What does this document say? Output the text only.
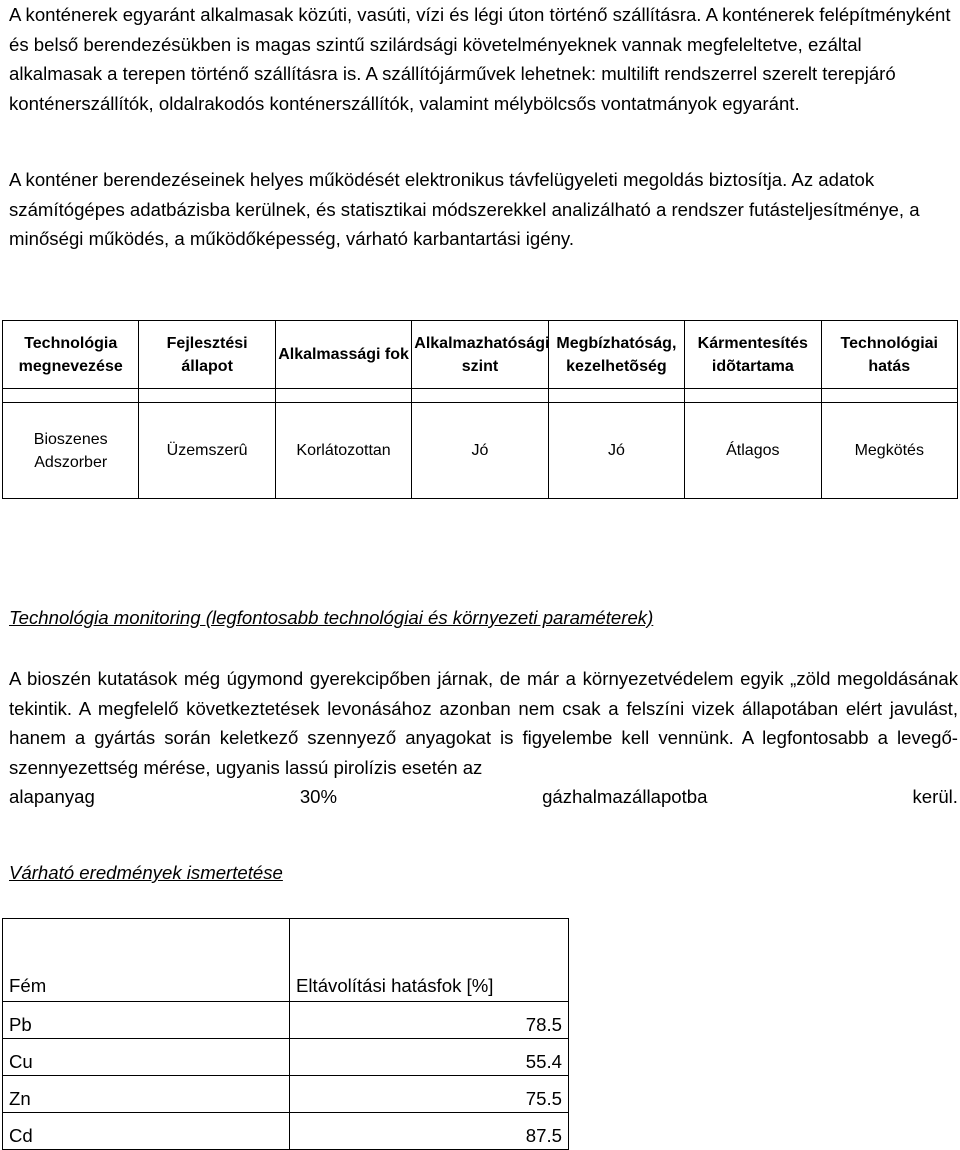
A konténerek egyaránt alkalmasak közúti, vasúti, vízi és légi úton történő szállításra. A konténerek felépítményként és belső berendezésükben is magas szintű szilárdsági követelményeknek vannak megfeleltetve, ezáltal alkalmasak a terepen történő szállításra is. A szállítójárművek lehetnek: multilift rendszerrel szerelt terepjáró konténerszállítók, oldalrakodós konténerszállítók, valamint mélybölcsős vontatmányok egyaránt.

A konténer berendezéseinek helyes működését elektronikus távfelügyeleti megoldás biztosítja. Az adatok számítógépes adatbázisba kerülnek, és statisztikai módszerekkel analizálható a rendszer futásteljesítménye, a minőségi működés, a működőképesség, várható karbantartási igény.

Technológia megnevezése	Fejlesztési állapot	Alkalmassági fok	Alkalmazhatósági szint	Megbízhatóság, kezelhetõség	Kármentesítés idõtartama	Technológiai hatás

Bioszenes Adszorber	Üzemszerû	Korlátozottan	Jó	Jó	Átlagos	Megkötés

Technológia monitoring (legfontosabb technológiai és környezeti paraméterek)

A bioszén kutatások még úgymond gyerekcipőben járnak, de már a környezetvédelem egyik „zöld megoldásának tekintik. A megfelelő következtetések levonásához azonban nem csak a felszíni vizek állapotában elért javulást, hanem a gyártás során keletkező szennyező anyagokat is figyelembe kell vennünk. A legfontosabb a levegő-szennyezettség mérése, ugyanis lassú pirolízis esetén az
alapanyag	30%	gázhalmazállapotba	kerül.

Várható eredmények ismertetése

Fém	Eltávolítási hatásfok [%]
Pb	78.5
Cu	55.4
Zn	75.5
Cd	87.5
